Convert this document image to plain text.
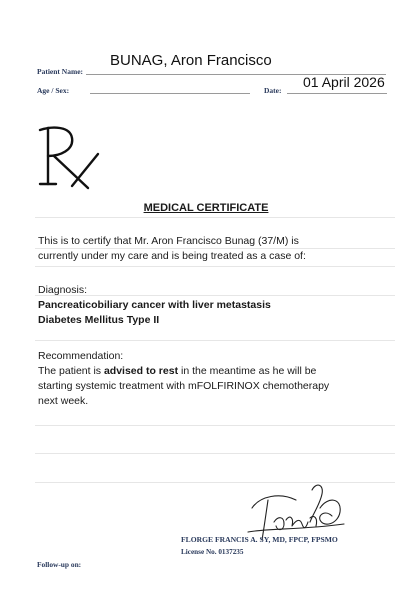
BUNAG, Aron Francisco
Patient Name:
Age / Sex:	Date:
01 April 2026
MEDICAL CERTIFICATE
This is to certify that Mr. Aron Francisco Bunag (37/M) is
currently under my care and is being treated as a case of:
Diagnosis:
Pancreaticobiliary cancer with liver metastasis
Diabetes Mellitus Type II
Recommendation:
The patient is advised to rest in the meantime as he will be
starting systemic treatment with mFOLFIRINOX chemotherapy
next week.
FLORGE FRANCIS A. SY, MD, FPCP, FPSMO
License No. 0137235
Follow-up on:
